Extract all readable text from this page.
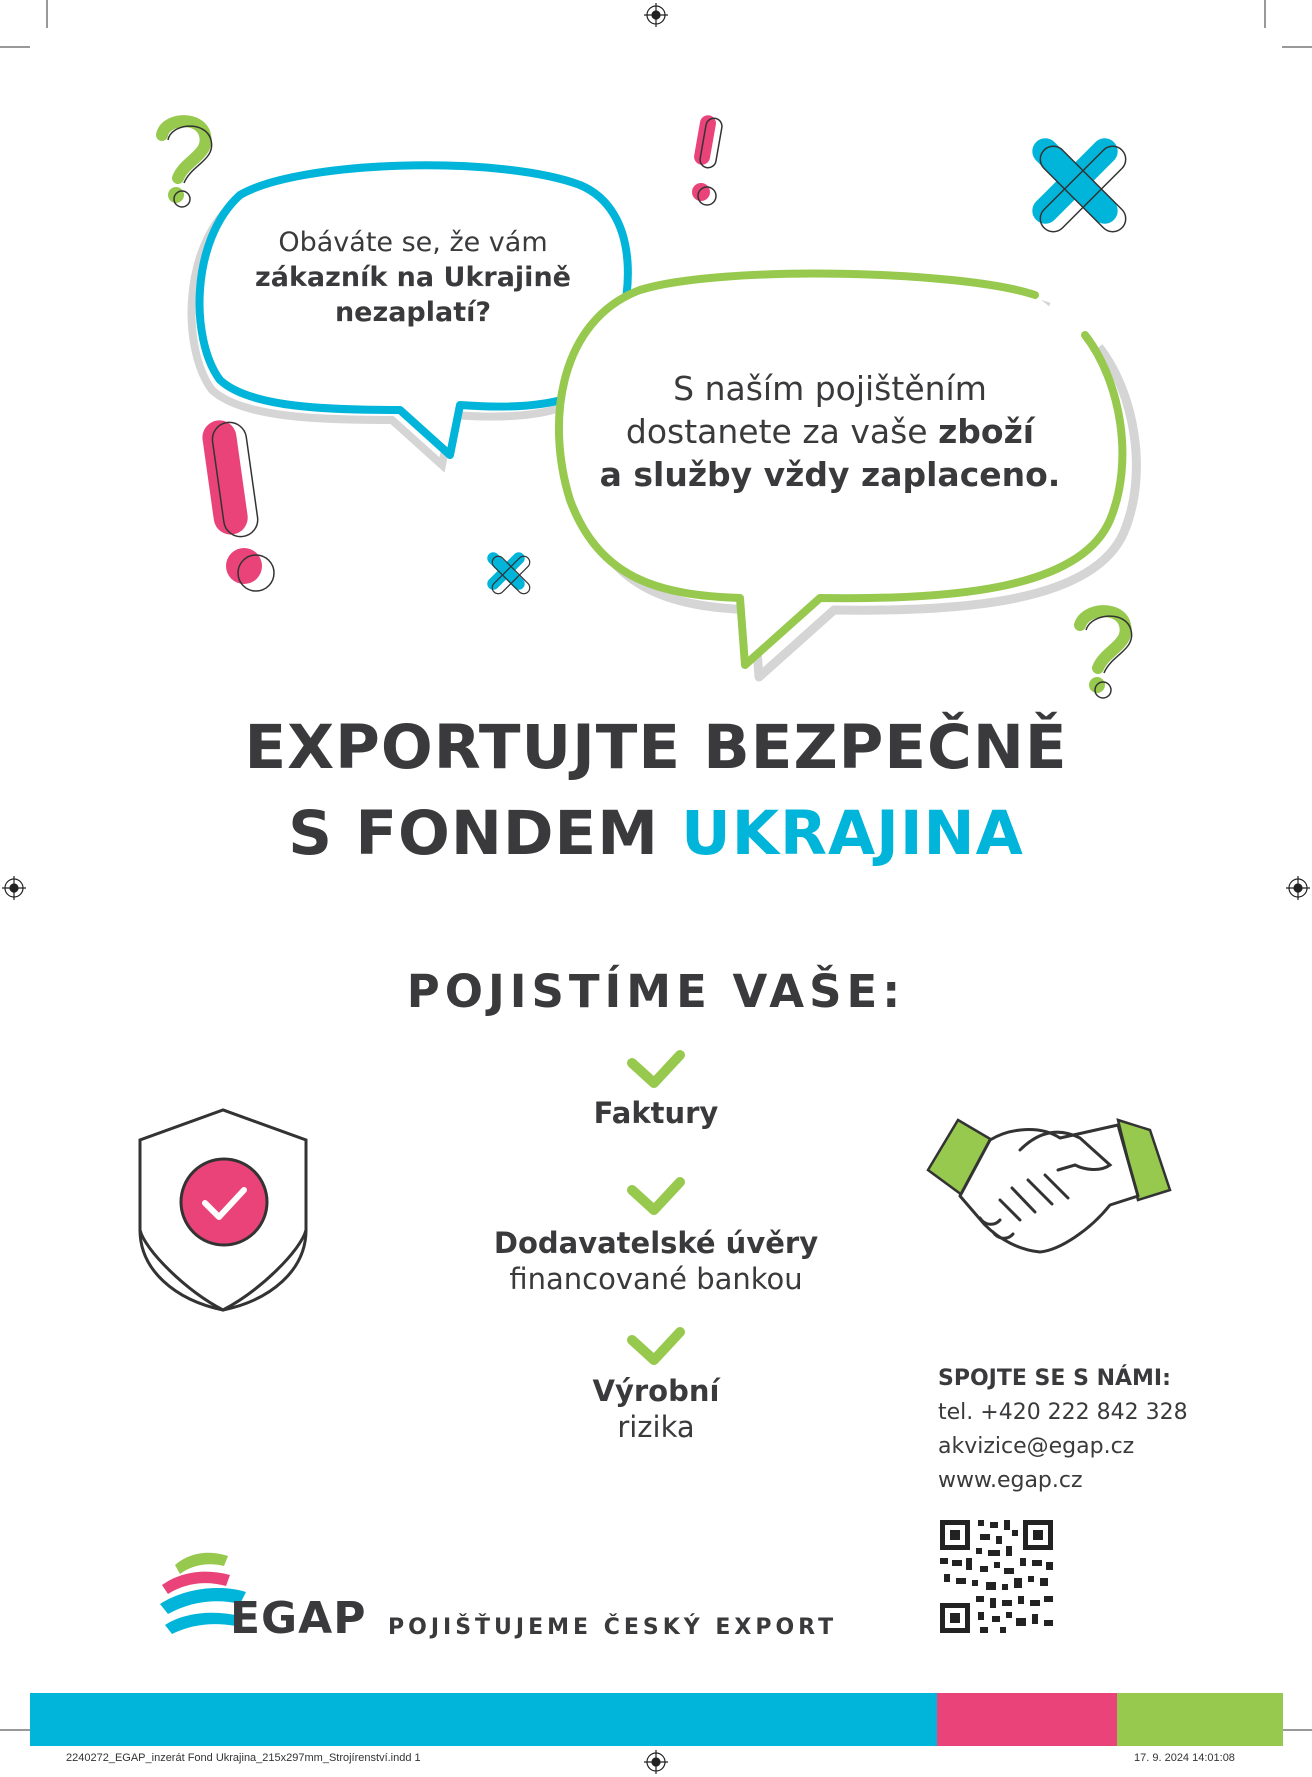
Obáváte se, že vám
zákazník na Ukrajině
nezaplatí?
S naším pojištěním
dostanete za vaše zboží
a služby vždy zaplaceno.
EXPORTUJTE BEZPEČNĚ
S FONDEM UKRAJINA
POJISTÍME VAŠE:
Faktury
Dodavatelské úvěry
financované bankou
Výrobní
rizika
SPOJTE SE S NÁMI:
tel. +420 222 842 328
akvizice@egap.cz
www.egap.cz
EGAP POJIŠŤUJEME ČESKÝ EXPORT
2240272_EGAP_inzerát Fond Ukrajina_215x297mm_Strojírenství.indd 1	17. 9. 2024 14:01:08
